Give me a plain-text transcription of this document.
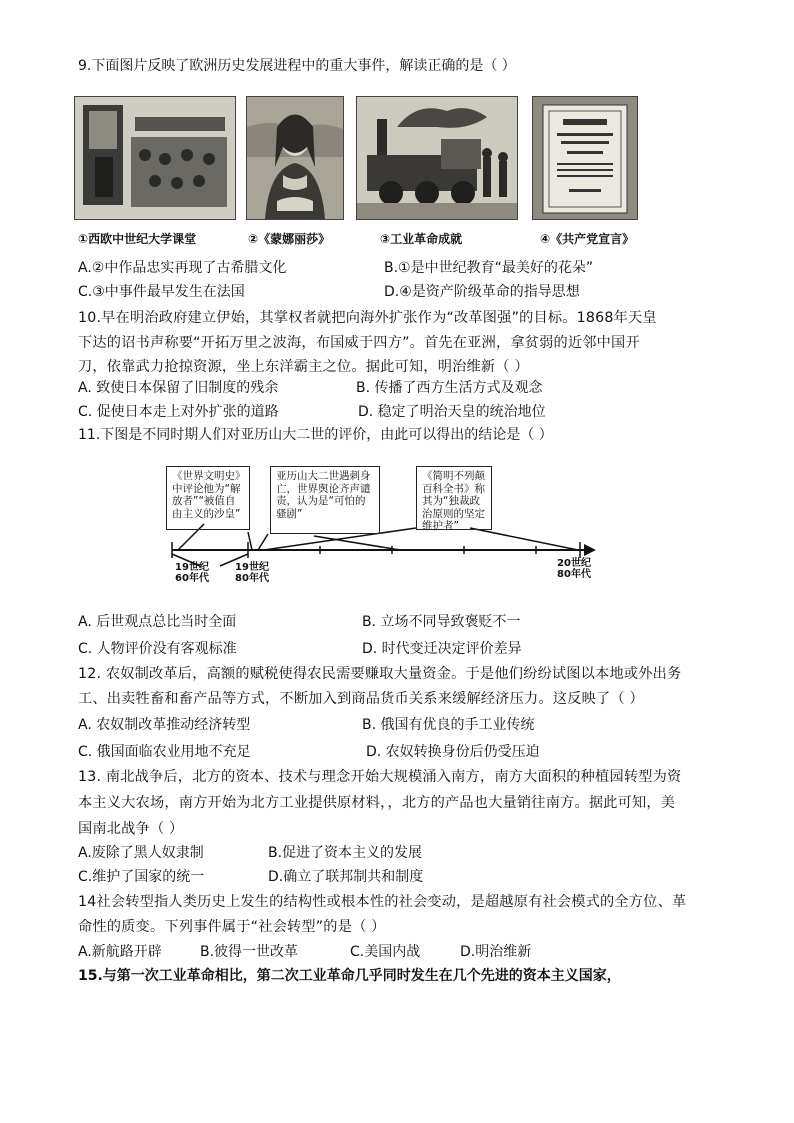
9.下面图片反映了欧洲历史发展进程中的重大事件，解读正确的是（ ）
①西欧中世纪大学课堂	②《蒙娜丽莎》	③工业革命成就	④《共产党宣言》
A.②中作品忠实再现了古希腊文化	B.①是中世纪教育“最美好的花朵”
C.③中事件最早发生在法国	D.④是资产阶级革命的指导思想
10.早在明治政府建立伊始，其掌权者就把向海外扩张作为“改革图强”的目标。1868年天皇
下达的诏书声称要“开拓万里之波海，布国威于四方”。首先在亚洲，拿贫弱的近邻中国开
刀，依靠武力抢掠资源，坐上东洋霸主之位。据此可知，明治维新（ ）
A. 致使日本保留了旧制度的残余	B. 传播了西方生活方式及观念
C. 促使日本走上对外扩张的道路	D. 稳定了明治天皇的统治地位
11.下图是不同时期人们对亚历山大二世的评价，由此可以得出的结论是（ ）
《世界文明史》中评论他为“解放者”“被值自由主义的沙皇”
亚历山大二世遇刺身亡，世界舆论齐声谴责，认为是“可怕的骚剧”
《简明不列颠百科全书》称其为“独裁政治原则的坚定维护者”
19世纪
60年代
19世纪
80年代
20世纪
80年代
A. 后世观点总比当时全面	B. 立场不同导致褒贬不一
C. 人物评价没有客观标准	D. 时代变迁决定评价差异
12. 农奴制改革后，高额的赋税使得农民需要赚取大量资金。于是他们纷纷试图以本地或外出务
工、出卖牲畜和畜产品等方式，不断加入到商品货币关系来缓解经济压力。这反映了（ ）
A. 农奴制改革推动经济转型	B. 俄国有优良的手工业传统
C. 俄国面临农业用地不充足	D. 农奴转换身份后仍受压迫
13. 南北战争后，北方的资本、技术与理念开始大规模涌入南方，南方大面积的种植园转型为资
本主义大农场，南方开始为北方工业提供原材料，，北方的产品也大量销往南方。据此可知，美
国南北战争（ ）
A.废除了黑人奴隶制	B.促进了资本主义的发展
C.维护了国家的统一	D.确立了联邦制共和制度
14社会转型指人类历史上发生的结构性或根本性的社会变动，是超越原有社会模式的全方位、革
命性的质变。下列事件属于“社会转型”的是（ ）
A.新航路开辟	B.彼得一世改革	C.美国内战	D.明治维新
15.与第一次工业革命相比，第二次工业革命几乎同时发生在几个先进的资本主义国家，
